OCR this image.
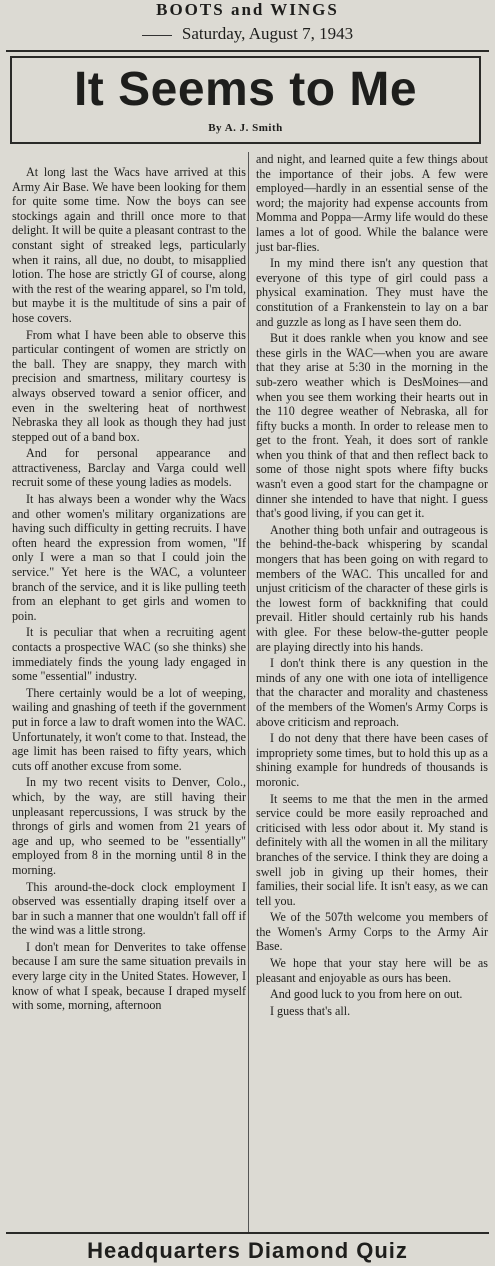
BOOTS and WINGS
Saturday, August 7, 1943
It Seems to Me
By A. J. Smith

At long last the Wacs have arrived at this Army Air Base. We have been looking for them for quite some time. Now the boys can see stockings again and thrill once more to that delight. It will be quite a pleasant contrast to the constant sight of streaked legs, particularly when it rains, all due, no doubt, to misapplied lotion. The hose are strictly GI of course, along with the rest of the wearing apparel, so I'm told, but maybe it is the multitude of sins a pair of hose covers.

From what I have been able to observe this particular contingent of women are strictly on the ball. They are snappy, they march with precision and smartness, military courtesy is always observed toward a senior officer, and even in the sweltering heat of northwest Nebraska they all look as though they had just stepped out of a band box.

And for personal appearance and attractiveness, Barclay and Varga could well recruit some of these young ladies as models.

It has always been a wonder why the Wacs and other women's military organizations are having such difficulty in getting recruits. I have often heard the expression from women, "If only I were a man so that I could join the service." Yet here is the WAC, a volunteer branch of the service, and it is like pulling teeth from an elephant to get girls and women to poin.

It is peculiar that when a recruiting agent contacts a prospective WAC (so she thinks) she immediately finds the young lady engaged in some "essential" industry.

There certainly would be a lot of weeping, wailing and gnashing of teeth if the government put in force a law to draft women into the WAC. Unfortunately, it won't come to that. Instead, the age limit has been raised to fifty years, which cuts off another excuse from some.

In my two recent visits to Denver, Colo., which, by the way, are still having their unpleasant repercussions, I was struck by the throngs of girls and women from 21 years of age and up, who seemed to be "essentially" employed from 8 in the morning until 8 in the morning.

This around-the-dock clock employment I observed was essentially draping itself over a bar in such a manner that one wouldn't fall off if the wind was a little strong.

I don't mean for Denverites to take offense because I am sure the same situation prevails in every large city in the United States. However, I know of what I speak, because I draped myself with some, morning, afternoon

and night, and learned quite a few things about the importance of their jobs. A few were employed—hardly in an essential sense of the word; the majority had expense accounts from Momma and Poppa—Army life would do these lames a lot of good. While the balance were just bar-flies.

In my mind there isn't any question that everyone of this type of girl could pass a physical examination. They must have the constitution of a Frankenstein to lay on a bar and guzzle as long as I have seen them do.

But it does rankle when you know and see these girls in the WAC—when you are aware that they arise at 5:30 in the morning in the sub-zero weather which is DesMoines—and when you see them working their hearts out in the 110 degree weather of Nebraska, all for fifty bucks a month. In order to release men to get to the front. Yeah, it does sort of rankle when you think of that and then reflect back to some of those night spots where fifty bucks wasn't even a good start for the champagne or dinner she intended to have that night. I guess that's good living, if you can get it.

Another thing both unfair and outrageous is the behind-the-back whispering by scandal mongers that has been going on with regard to members of the WAC. This uncalled for and unjust criticism of the character of these girls is the lowest form of backknifing that could prevail. Hitler should certainly rub his hands with glee. For these below-the-gutter people are playing directly into his hands.

I don't think there is any question in the minds of any one with one iota of intelligence that the character and morality and chasteness of the members of the Women's Army Corps is above criticism and reproach.

I do not deny that there have been cases of impropriety some times, but to hold this up as a shining example for hundreds of thousands is moronic.

It seems to me that the men in the armed service could be more easily reproached and criticised with less odor about it. My stand is definitely with all the women in all the military branches of the service. I think they are doing a swell job in giving up their homes, their families, their social life. It isn't easy, as we can tell you.

We of the 507th welcome you members of the Women's Army Corps to the Army Air Base.

We hope that your stay here will be as pleasant and enjoyable as ours has been.

And good luck to you from here on out.

I guess that's all.

Headquarters Diamond Quiz
